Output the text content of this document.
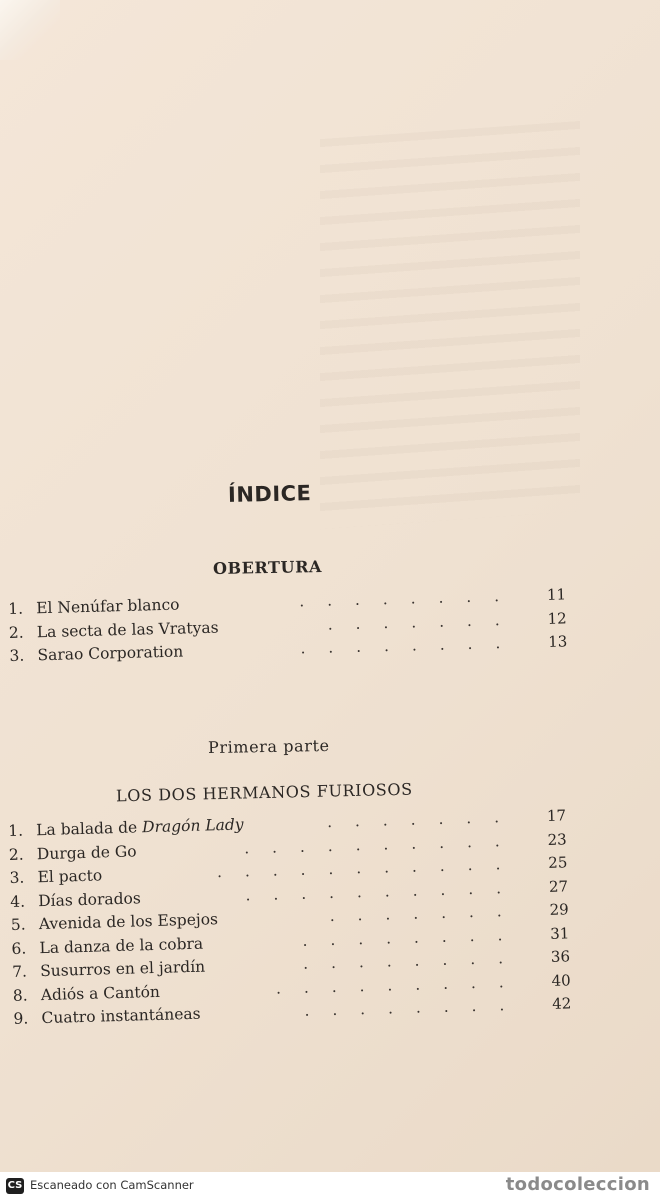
ÍNDICE
OBERTURA
1. El Nenúfar blanco	. . . . . . . .	11
2. La secta de las Vratyas	. . . . . . .	12
3. Sarao Corporation	. . . . . . . .	13
Primera parte
LOS DOS HERMANOS FURIOSOS
1. La balada de Dragón Lady	. . . . . . .	17
2. Durga de Go	. . . . . . . . . .	23
3. El pacto	. . . . . . . . . . .	25
4. Días dorados	. . . . . . . . . .	27
5. Avenida de los Espejos	. . . . . . .	29
6. La danza de la cobra	. . . . . . . .	31
7. Susurros en el jardín	. . . . . . . .	36
8. Adiós a Cantón	. . . . . . . . .	40
9. Cuatro instantáneas	. . . . . . . .	42
CS Escaneado con CamScanner	todocoleccion
